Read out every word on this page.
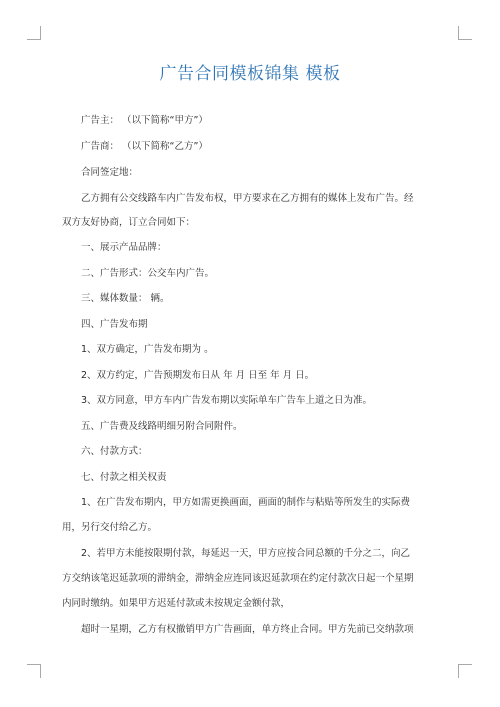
广告合同模板锦集 模板
广告主： （以下简称“甲方”）
广告商： （以下简称“乙方”）
合同签定地：
乙方拥有公交线路车内广告发布权，甲方要求在乙方拥有的媒体上发布广告。经
双方友好协商，订立合同如下：
一、展示产品品牌：
二、广告形式：公交车内广告。
三、媒体数量： 辆。
四、广告发布期
1、双方确定，广告发布期为 。
2、双方约定，广告预期发布日从 年 月 日至 年 月 日。
3、双方同意，甲方车内广告发布期以实际单车广告车上道之日为准。
五、广告费及线路明细另附合同附件。
六、付款方式：
七、付款之相关权责
1、在广告发布期内，甲方如需更换画面，画面的制作与粘贴等所发生的实际费
用，另行交付给乙方。
2、若甲方未能按限期付款，每延迟一天，甲方应按合同总额的千分之二，向乙
方交纳该笔迟延款项的滞纳金，滞纳金应连同该迟延款项在约定付款次日起一个星期
内同时缴纳。如果甲方迟延付款或未按规定金额付款，
超时一星期，乙方有权撤销甲方广告画面，单方终止合同。甲方先前已交纳款项
